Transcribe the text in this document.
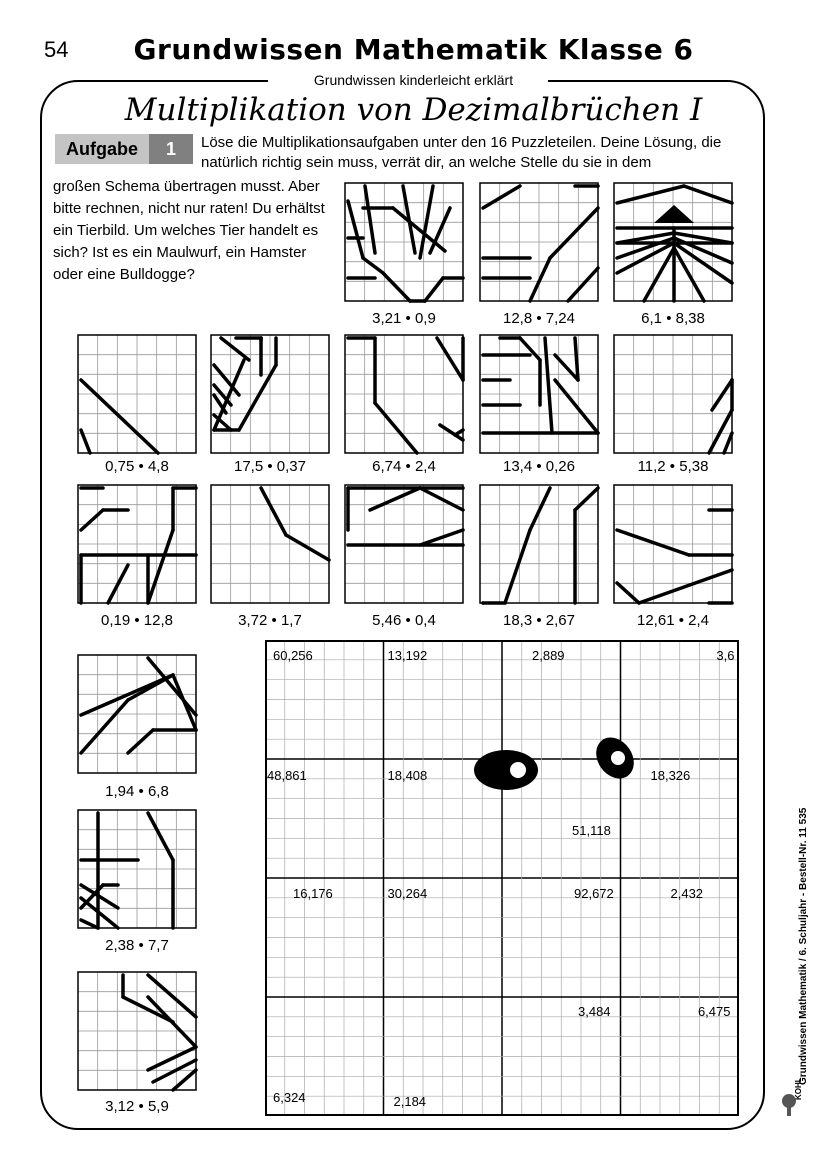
54	Grundwissen Mathematik Klasse 6
Grundwissen kinderleicht erklärt
Multiplikation von Dezimalbrüchen I
Aufgabe	1	Löse die Multiplikationsaufgaben unter den 16 Puzzleteilen. Deine Lösung, die natürlich richtig sein muss, verrät dir, an welche Stelle du sie in dem
großen Schema übertragen musst. Aber bitte rechnen, nicht nur raten! Du erhältst ein Tierbild. Um welches Tier handelt es sich? Ist es ein Maulwurf, ein Hamster oder eine Bulldogge?
3,21 • 0,9	12,8 • 7,24	6,1 • 8,38
0,75 • 4,8	17,5 • 0,37	6,74 • 2,4	13,4 • 0,26	11,2 • 5,38
0,19 • 12,8	3,72 • 1,7	5,46 • 0,4	18,3 • 2,67	12,61 • 2,4
1,94 • 6,8
2,38 • 7,7
3,12 • 5,9
60,256	13,192	2,889	3,6
48,861	18,408
51,118
18,326
16,176	30,264	92,672	2,432
6,324	2,184
3,484	6,475	Grundwissen Mathematik / 6. Schuljahr - Bestell-Nr. 11 535
KOHL
